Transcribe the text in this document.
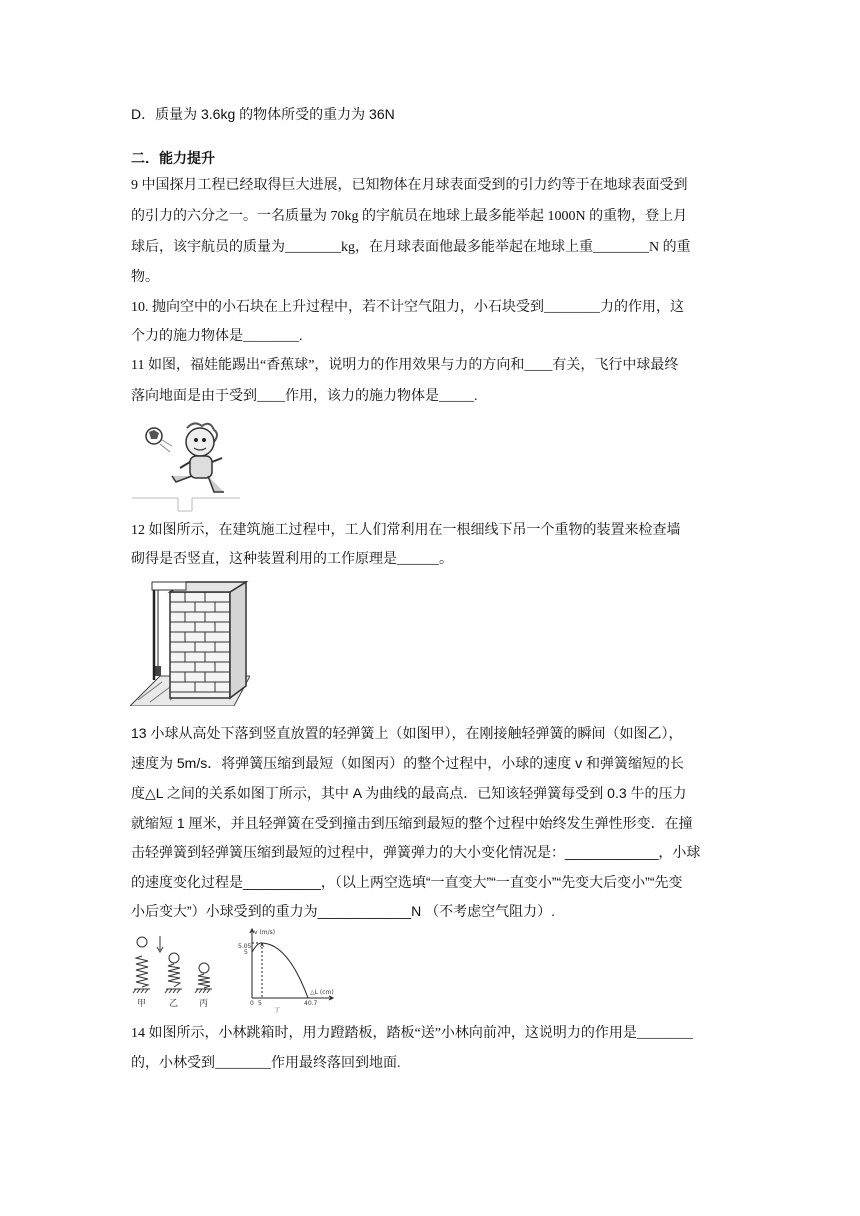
D．质量为 3.6kg 的物体所受的重力为 36N
二．能力提升
9 中国探月工程已经取得巨大进展，已知物体在月球表面受到的引力约等于在地球表面受到
的引力的六分之一。一名质量为 70kg 的宇航员在地球上最多能举起 1000N 的重物，登上月
球后，该宇航员的质量为________kg，在月球表面他最多能举起在地球上重________N 的重
物。
10. 抛向空中的小石块在上升过程中，若不计空气阻力，小石块受到________力的作用，这
个力的施力物体是________.
11 如图，福娃能踢出“香蕉球”，说明力的作用效果与力的方向和____有关，飞行中球最终
落向地面是由于受到____作用，该力的施力物体是_____.
12 如图所示，在建筑施工过程中，工人们常利用在一根细线下吊一个重物的装置来检查墙
砌得是否竖直，这种装置利用的工作原理是______。
13 小球从高处下落到竖直放置的轻弹簧上（如图甲），在刚接触轻弹簧的瞬间（如图乙），
速度为 5m/s．将弹簧压缩到最短（如图丙）的整个过程中，小球的速度 v 和弹簧缩短的长
度△L 之间的关系如图丁所示，其中 A 为曲线的最高点．已知该轻弹簧每受到 0.3 牛的压力
就缩短 1 厘米，并且轻弹簧在受到撞击到压缩到最短的整个过程中始终发生弹性形变．在撞
击轻弹簧到轻弹簧压缩到最短的过程中，弹簧弹力的大小变化情况是：____________，小球
的速度变化过程是__________，（以上两空选填“一直变大”“一直变小”“先变大后变小”“先变
小后变大”）小球受到的重力为____________N （不考虑空气阻力）.
甲	乙 丙
v (m/s)
△L (cm)
A
5.05
5
0 5	40.7
丁
14 如图所示，小林跳箱时，用力蹬踏板，踏板“送”小林向前冲，这说明力的作用是________
的，小林受到________作用最终落回到地面.
